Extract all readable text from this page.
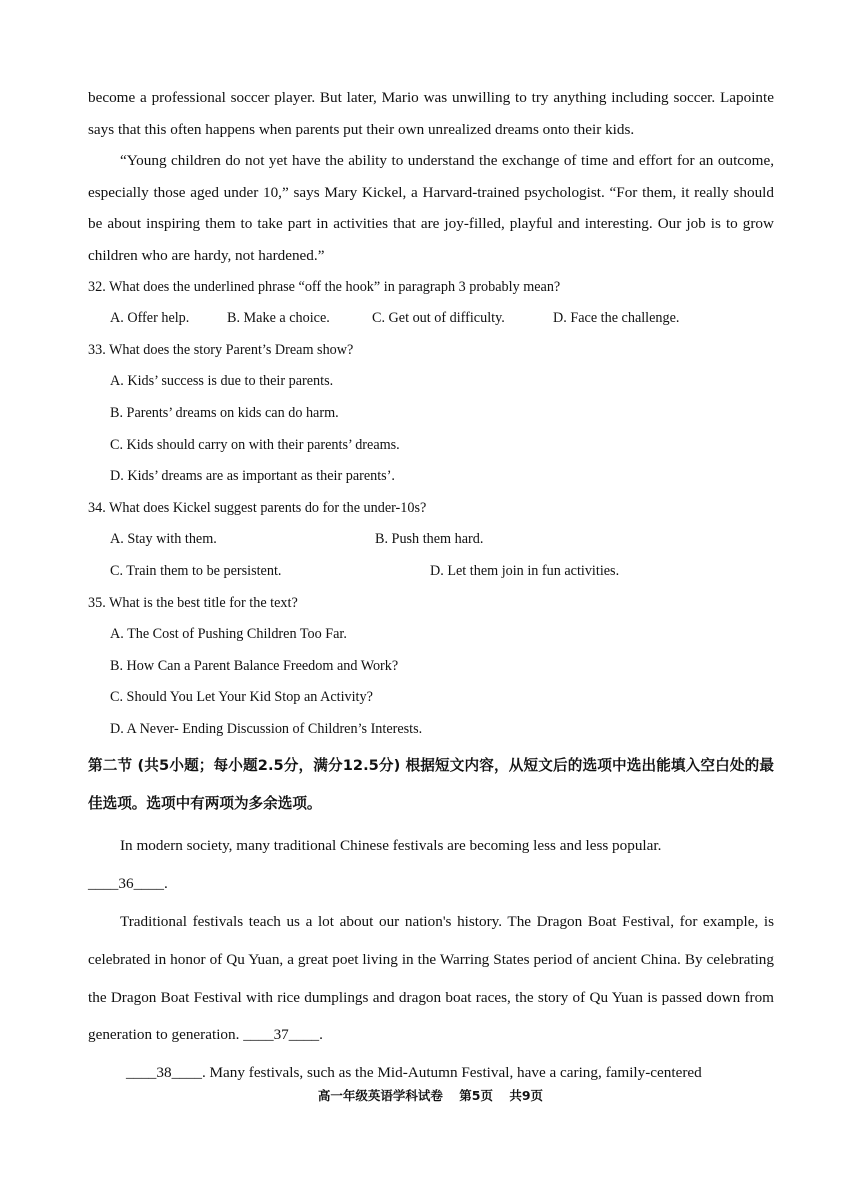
become a professional soccer player. But later, Mario was unwilling to try anything including soccer. Lapointe says that this often happens when parents put their own unrealized dreams onto their kids.

“Young children do not yet have the ability to understand the exchange of time and effort for an outcome, especially those aged under 10,” says Mary Kickel, a Harvard-trained psychologist. “For them, it really should be about inspiring them to take part in activities that are joy-filled, playful and interesting. Our job is to grow children who are hardy, not hardened.”

32. What does the underlined phrase “off the hook” in paragraph 3 probably mean?

A. Offer help.	B. Make a choice.	C. Get out of difficulty.	D. Face the challenge.

33. What does the story Parent’s Dream show?

A. Kids’ success is due to their parents.

B. Parents’ dreams on kids can do harm.

C. Kids should carry on with their parents’ dreams.

D. Kids’ dreams are as important as their parents’.

34. What does Kickel suggest parents do for the under-10s?

A. Stay with them.	B. Push them hard.
C. Train them to be persistent.	D. Let them join in fun activities.

35. What is the best title for the text?

A. The Cost of Pushing Children Too Far.

B. How Can a Parent Balance Freedom and Work?

C. Should You Let Your Kid Stop an Activity?

D. A Never- Ending Discussion of Children’s Interests.

第二节 (共5小题；每小题2.5分，满分12.5分) 根据短文内容，从短文后的选项中选出能填入空白处的最佳选项。选项中有两项为多余选项。

In modern society, many traditional Chinese festivals are becoming less and less popular.

____36____.

Traditional festivals teach us a lot about our nation's history. The Dragon Boat Festival, for example, is celebrated in honor of Qu Yuan, a great poet living in the Warring States period of ancient China. By celebrating the Dragon Boat Festival with rice dumplings and dragon boat races, the story of Qu Yuan is passed down from generation to generation. ____37____.

____38____. Many festivals, such as the Mid-Autumn Festival, have a caring, family-centered

高一年级英语学科试卷 第5页 共9页
